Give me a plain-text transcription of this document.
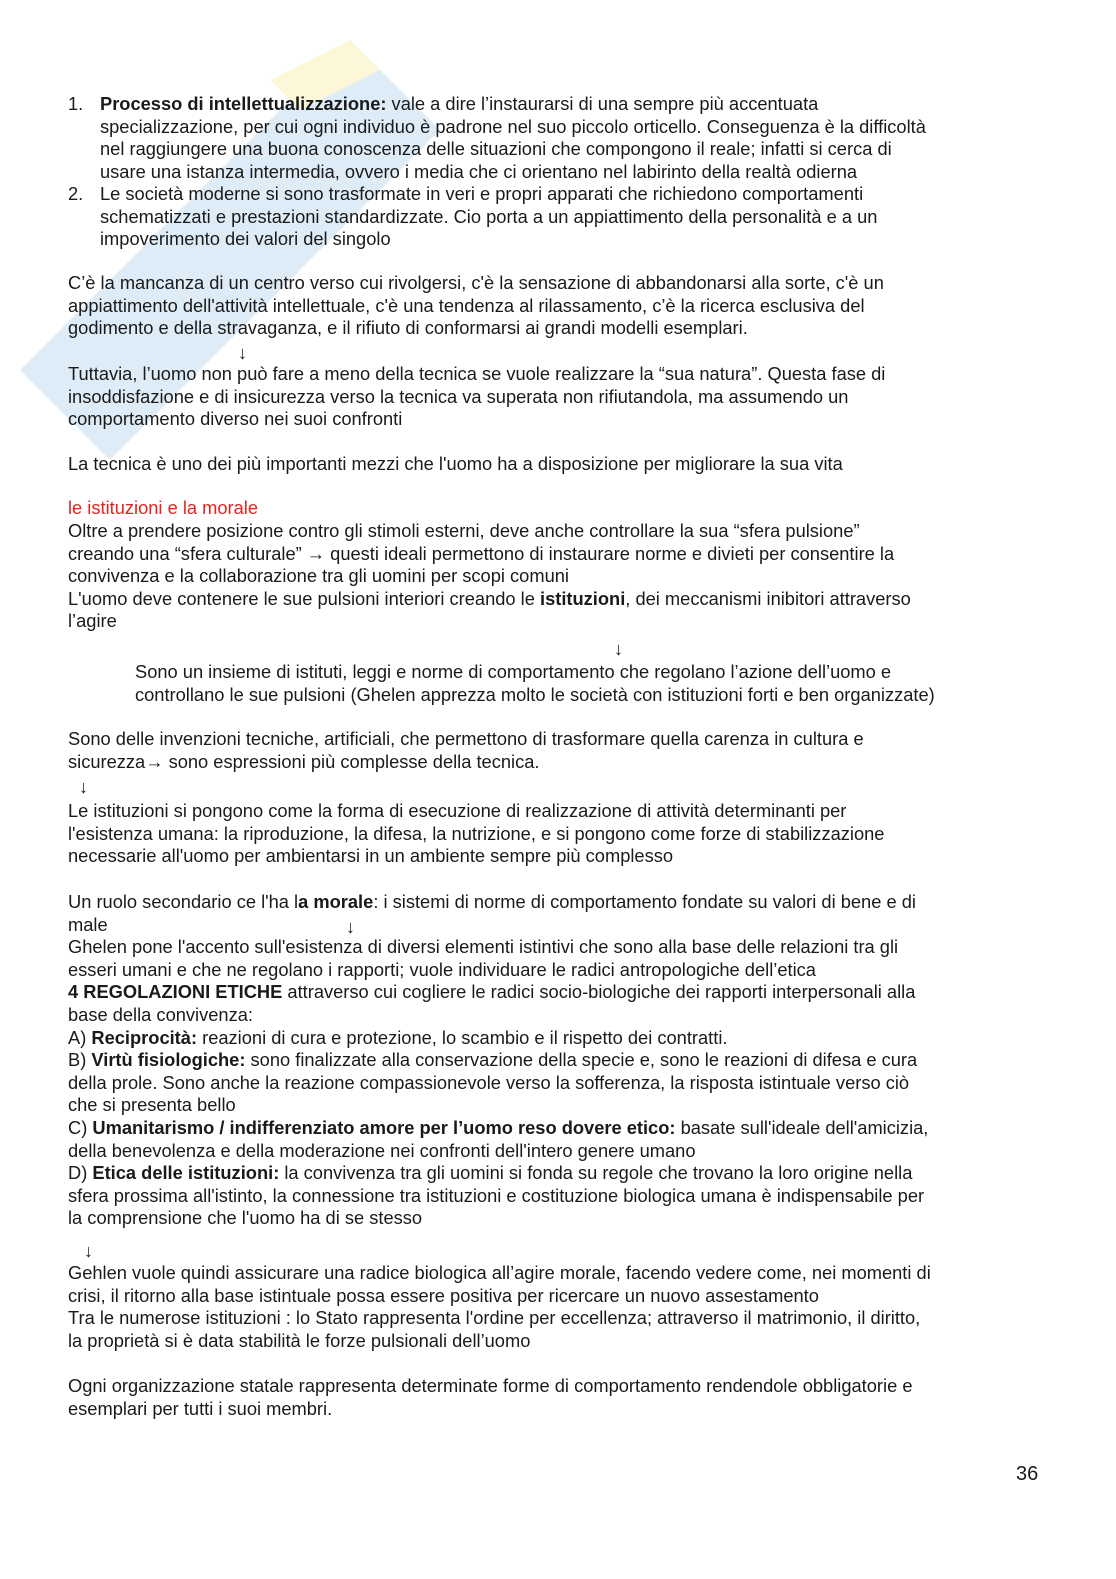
1. Processo di intellettualizzazione: vale a dire l’instaurarsi di una sempre più accentuata
specializzazione, per cui ogni individuo è padrone nel suo piccolo orticello. Conseguenza è la difficoltà
nel raggiungere una buona conoscenza delle situazioni che compongono il reale; infatti si cerca di
usare una istanza intermedia, ovvero i media che ci orientano nel labirinto della realtà odierna
2. Le società moderne si sono trasformate in veri e propri apparati che richiedono comportamenti
schematizzati e prestazioni standardizzate. Cio porta a un appiattimento della personalità e a un
impoverimento dei valori del singolo
C’è la mancanza di un centro verso cui rivolgersi, c'è la sensazione di abbandonarsi alla sorte, c'è un
appiattimento dell'attività intellettuale, c'è una tendenza al rilassamento, c’è la ricerca esclusiva del
godimento e della stravaganza, e il rifiuto di conformarsi ai grandi modelli esemplari.
↓
Tuttavia, l’uomo non può fare a meno della tecnica se vuole realizzare la “sua natura”. Questa fase di
insoddisfazione e di insicurezza verso la tecnica va superata non rifiutandola, ma assumendo un
comportamento diverso nei suoi confronti
La tecnica è uno dei più importanti mezzi che l'uomo ha a disposizione per migliorare la sua vita
le istituzioni e la morale
Oltre a prendere posizione contro gli stimoli esterni, deve anche controllare la sua “sfera pulsione”
creando una “sfera culturale” → questi ideali permettono di instaurare norme e divieti per consentire la
convivenza e la collaborazione tra gli uomini per scopi comuni
L'uomo deve contenere le sue pulsioni interiori creando le istituzioni, dei meccanismi inibitori attraverso
l’agire
↓
Sono un insieme di istituti, leggi e norme di comportamento che regolano l’azione dell’uomo e
controllano le sue pulsioni (Ghelen apprezza molto le società con istituzioni forti e ben organizzate)
Sono delle invenzioni tecniche, artificiali, che permettono di trasformare quella carenza in cultura e
sicurezza→ sono espressioni più complesse della tecnica.
↓
Le istituzioni si pongono come la forma di esecuzione di realizzazione di attività determinanti per
l'esistenza umana: la riproduzione, la difesa, la nutrizione, e si pongono come forze di stabilizzazione
necessarie all'uomo per ambientarsi in un ambiente sempre più complesso
Un ruolo secondario ce l'ha la morale: i sistemi di norme di comportamento fondate su valori di bene e di
male
Ghelen pone l'accento sull'esistenza di diversi elementi istintivi che sono alla base delle relazioni tra gli
esseri umani e che ne regolano i rapporti; vuole individuare le radici antropologiche dell’etica
4 REGOLAZIONI ETICHE attraverso cui cogliere le radici socio-biologiche dei rapporti interpersonali alla
base della convivenza:
A) Reciprocità: reazioni di cura e protezione, lo scambio e il rispetto dei contratti.
B) Virtù fisiologiche: sono finalizzate alla conservazione della specie e, sono le reazioni di difesa e cura
della prole. Sono anche la reazione compassionevole verso la sofferenza, la risposta istintuale verso ciò
che si presenta bello
C) Umanitarismo / indifferenziato amore per l’uomo reso dovere etico: basate sull'ideale dell'amicizia,
della benevolenza e della moderazione nei confronti dell'intero genere umano
D) Etica delle istituzioni: la convivenza tra gli uomini si fonda su regole che trovano la loro origine nella
sfera prossima all'istinto, la connessione tra istituzioni e costituzione biologica umana è indispensabile per
la comprensione che l'uomo ha di se stesso
↓
↓
Gehlen vuole quindi assicurare una radice biologica all’agire morale, facendo vedere come, nei momenti di
crisi, il ritorno alla base istintuale possa essere positiva per ricercare un nuovo assestamento
Tra le numerose istituzioni : lo Stato rappresenta l'ordine per eccellenza; attraverso il matrimonio, il diritto,
la proprietà si è data stabilità le forze pulsionali dell’uomo
Ogni organizzazione statale rappresenta determinate forme di comportamento rendendole obbligatorie e
esemplari per tutti i suoi membri.
36
